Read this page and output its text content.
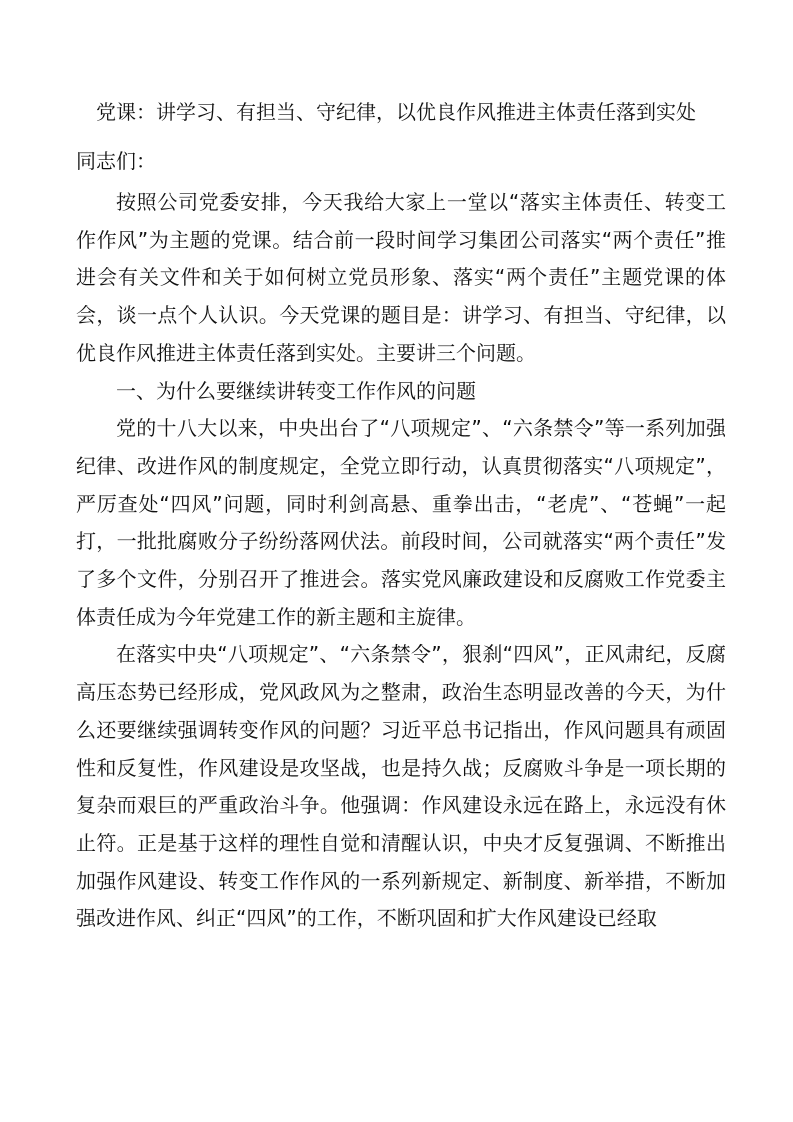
党课：讲学习、有担当、守纪律，以优良作风推进主体责任落到实处
同志们：

按照公司党委安排，今天我给大家上一堂以“落实主体责任、转变工作作风”为主题的党课。结合前一段时间学习集团公司落实“两个责任”推进会有关文件和关于如何树立党员形象、落实“两个责任”主题党课的体会，谈一点个人认识。今天党课的题目是：讲学习、有担当、守纪律，以优良作风推进主体责任落到实处。主要讲三个问题。

一、为什么要继续讲转变工作作风的问题

党的十八大以来，中央出台了“八项规定”、“六条禁令”等一系列加强纪律、改进作风的制度规定，全党立即行动，认真贯彻落实“八项规定”，严厉查处“四风”问题，同时利剑高悬、重拳出击，“老虎”、“苍蝇”一起打，一批批腐败分子纷纷落网伏法。前段时间，公司就落实“两个责任”发了多个文件，分别召开了推进会。落实党风廉政建设和反腐败工作党委主体责任成为今年党建工作的新主题和主旋律。

在落实中央“八项规定”、“六条禁令”，狠刹“四风”，正风肃纪，反腐高压态势已经形成，党风政风为之整肃，政治生态明显改善的今天，为什么还要继续强调转变作风的问题？习近平总书记指出，作风问题具有顽固性和反复性，作风建设是攻坚战，也是持久战；反腐败斗争是一项长期的复杂而艰巨的严重政治斗争。他强调：作风建设永远在路上，永远没有休止符。正是基于这样的理性自觉和清醒认识，中央才反复强调、不断推出加强作风建设、转变工作作风的一系列新规定、新制度、新举措，不断加强改进作风、纠正“四风”的工作，不断巩固和扩大作风建设已经取
